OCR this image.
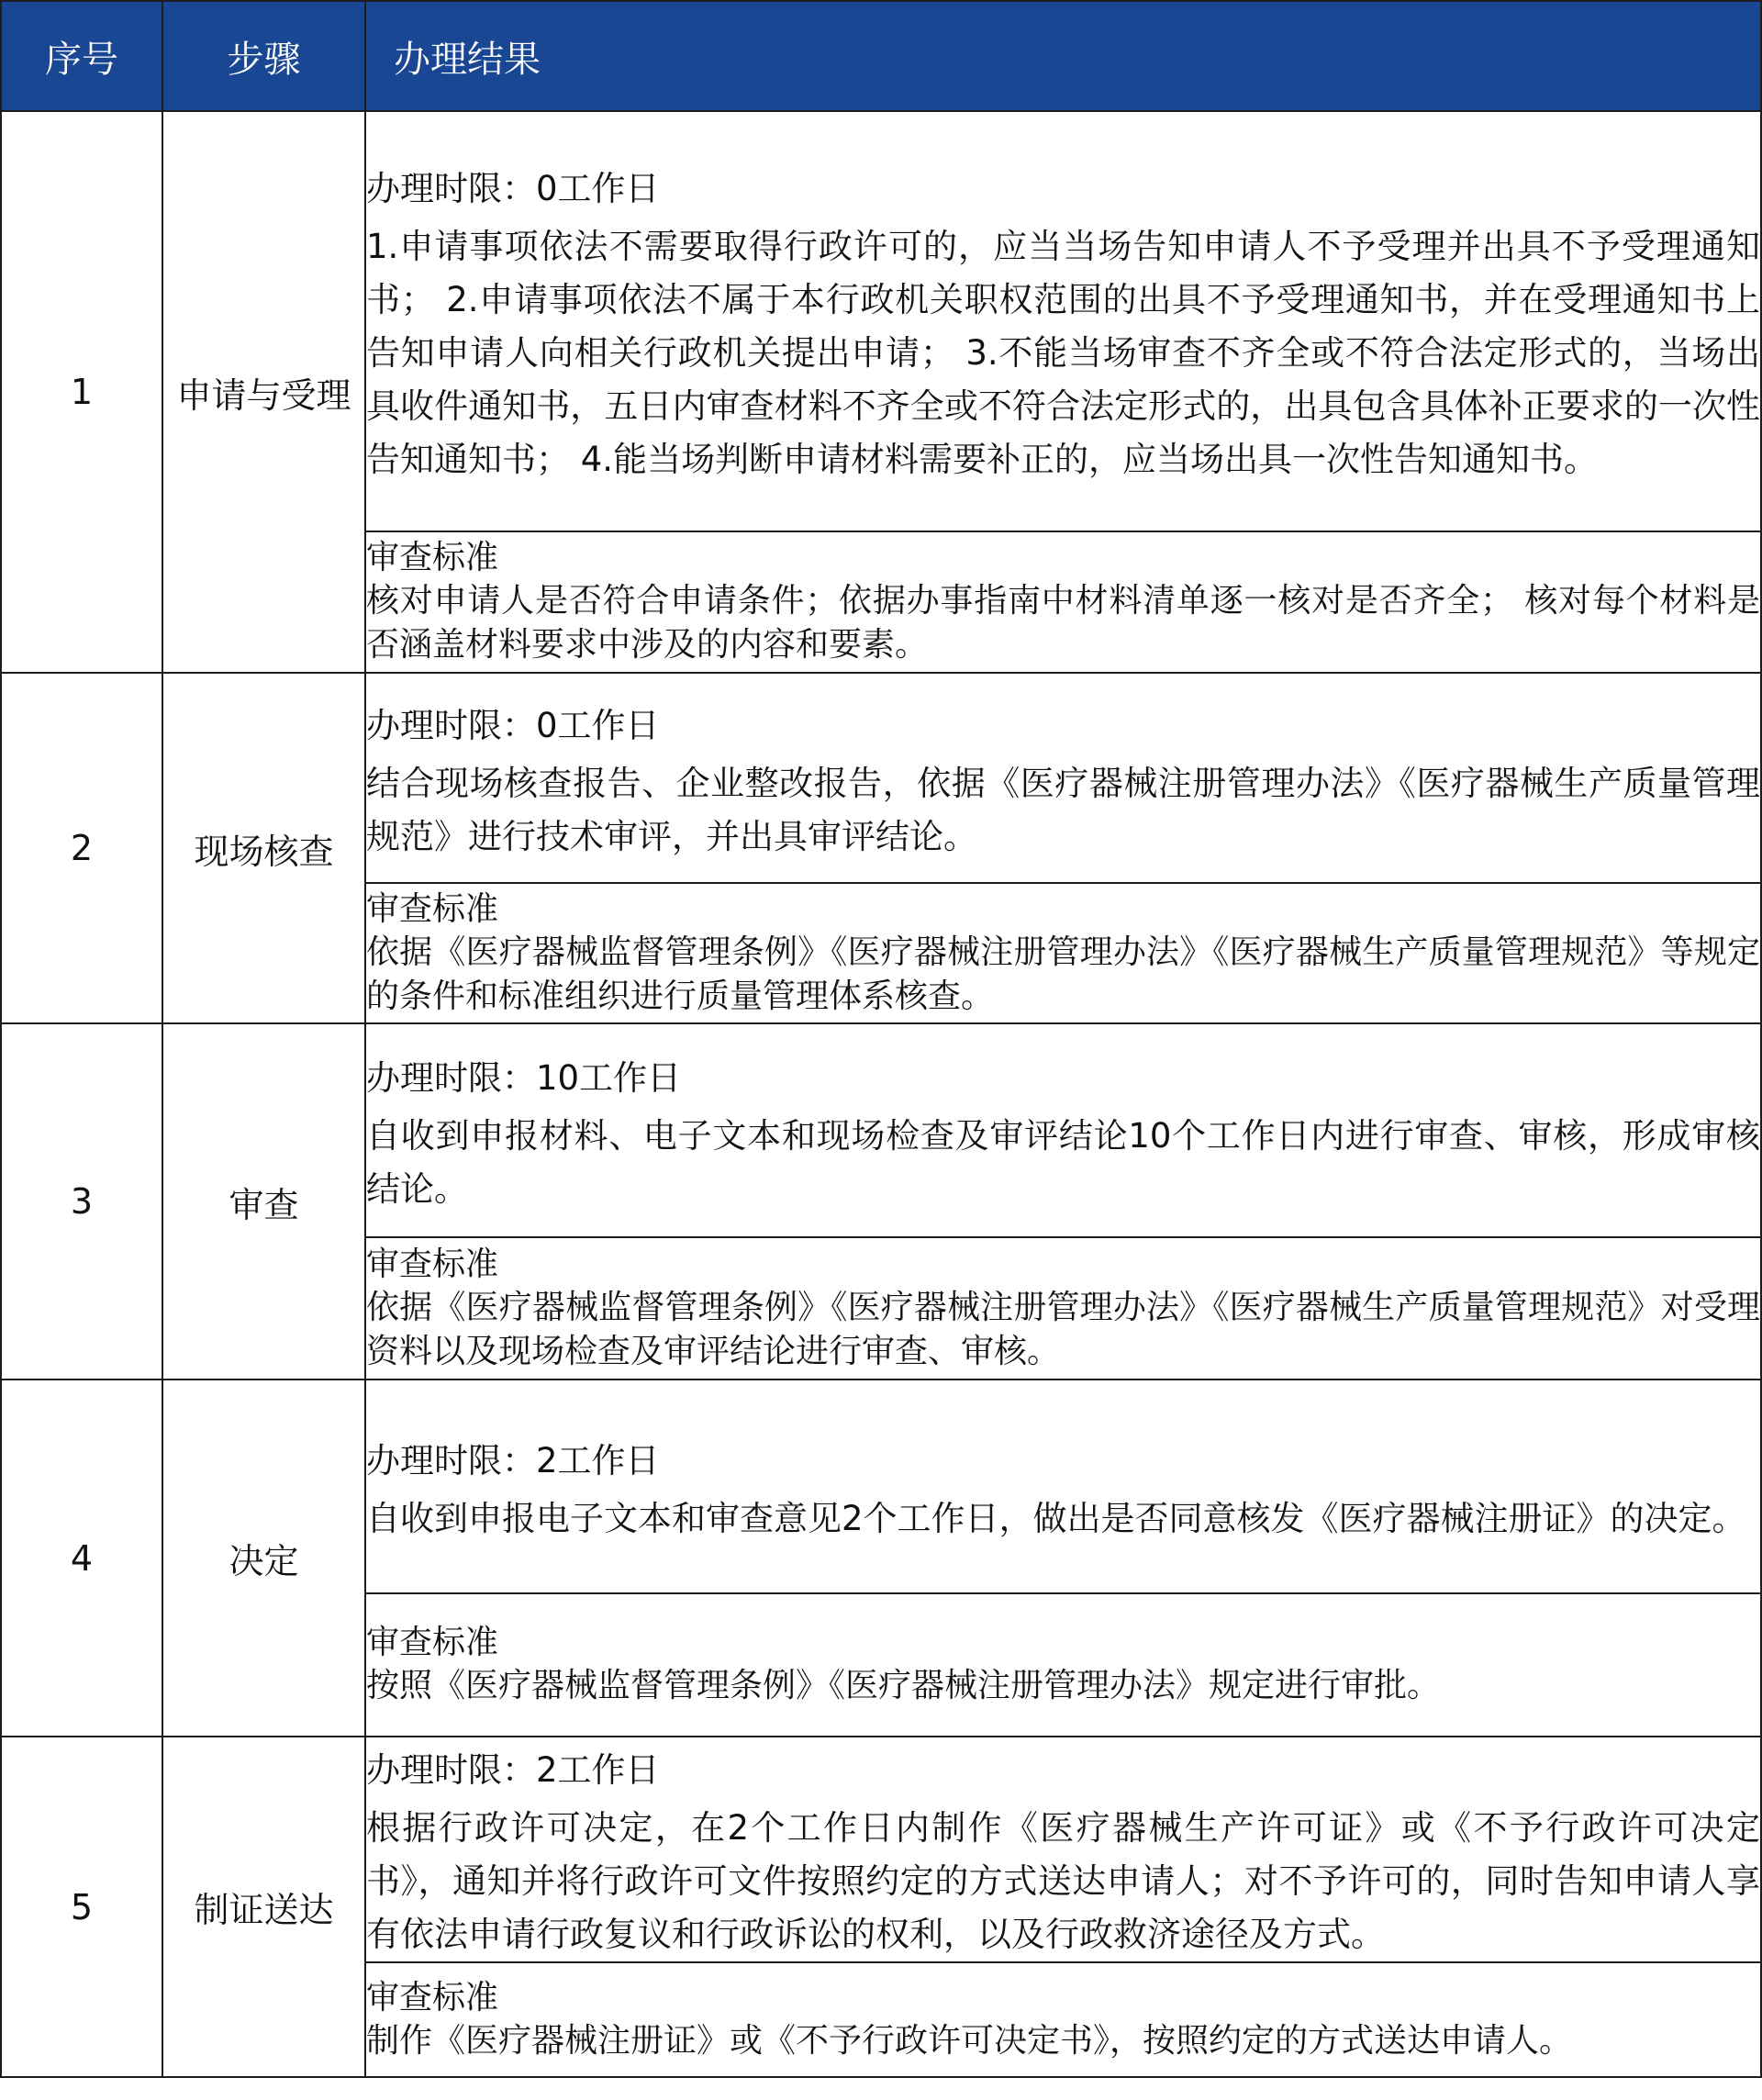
序号	步骤	办理结果
1	申请与受理	办理时限：0工作日
1.申请事项依法不需要取得行政许可的，应当当场告知申请人不予受理并出具不予受理通知书； 2.申请事项依法不属于本行政机关职权范围的出具不予受理通知书，并在受理通知书上告知申请人向相关行政机关提出申请； 3.不能当场审查不齐全或不符合法定形式的，当场出具收件通知书，五日内审查材料不齐全或不符合法定形式的，出具包含具体补正要求的一次性告知通知书； 4.能当场判断申请材料需要补正的，应当场出具一次性告知通知书。

		审查标准
核对申请人是否符合申请条件；依据办事指南中材料清单逐一核对是否齐全； 核对每个材料是否涵盖材料要求中涉及的内容和要素。

2	现场核查	办理时限：0工作日
结合现场核查报告、企业整改报告，依据《医疗器械注册管理办法》《医疗器械生产质量管理规范》进行技术审评，并出具审评结论。

		审查标准
依据《医疗器械监督管理条例》《医疗器械注册管理办法》《医疗器械生产质量管理规范》等规定的条件和标准组织进行质量管理体系核查。

3	审查	办理时限：10工作日
自收到申报材料、电子文本和现场检查及审评结论10个工作日内进行审查、审核，形成审核结论。

		审查标准
依据《医疗器械监督管理条例》《医疗器械注册管理办法》《医疗器械生产质量管理规范》对受理资料以及现场检查及审评结论进行审查、审核。

4	决定	办理时限：2工作日
自收到申报电子文本和审查意见2个工作日，做出是否同意核发《医疗器械注册证》的决定。

		审查标准
按照《医疗器械监督管理条例》《医疗器械注册管理办法》规定进行审批。

5	制证送达	办理时限：2工作日
根据行政许可决定，在2个工作日内制作《医疗器械生产许可证》或《不予行政许可决定书》，通知并将行政许可文件按照约定的方式送达申请人；对不予许可的，同时告知申请人享有依法申请行政复议和行政诉讼的权利，以及行政救济途径及方式。

		审查标准
制作《医疗器械注册证》或《不予行政许可决定书》，按照约定的方式送达申请人。
